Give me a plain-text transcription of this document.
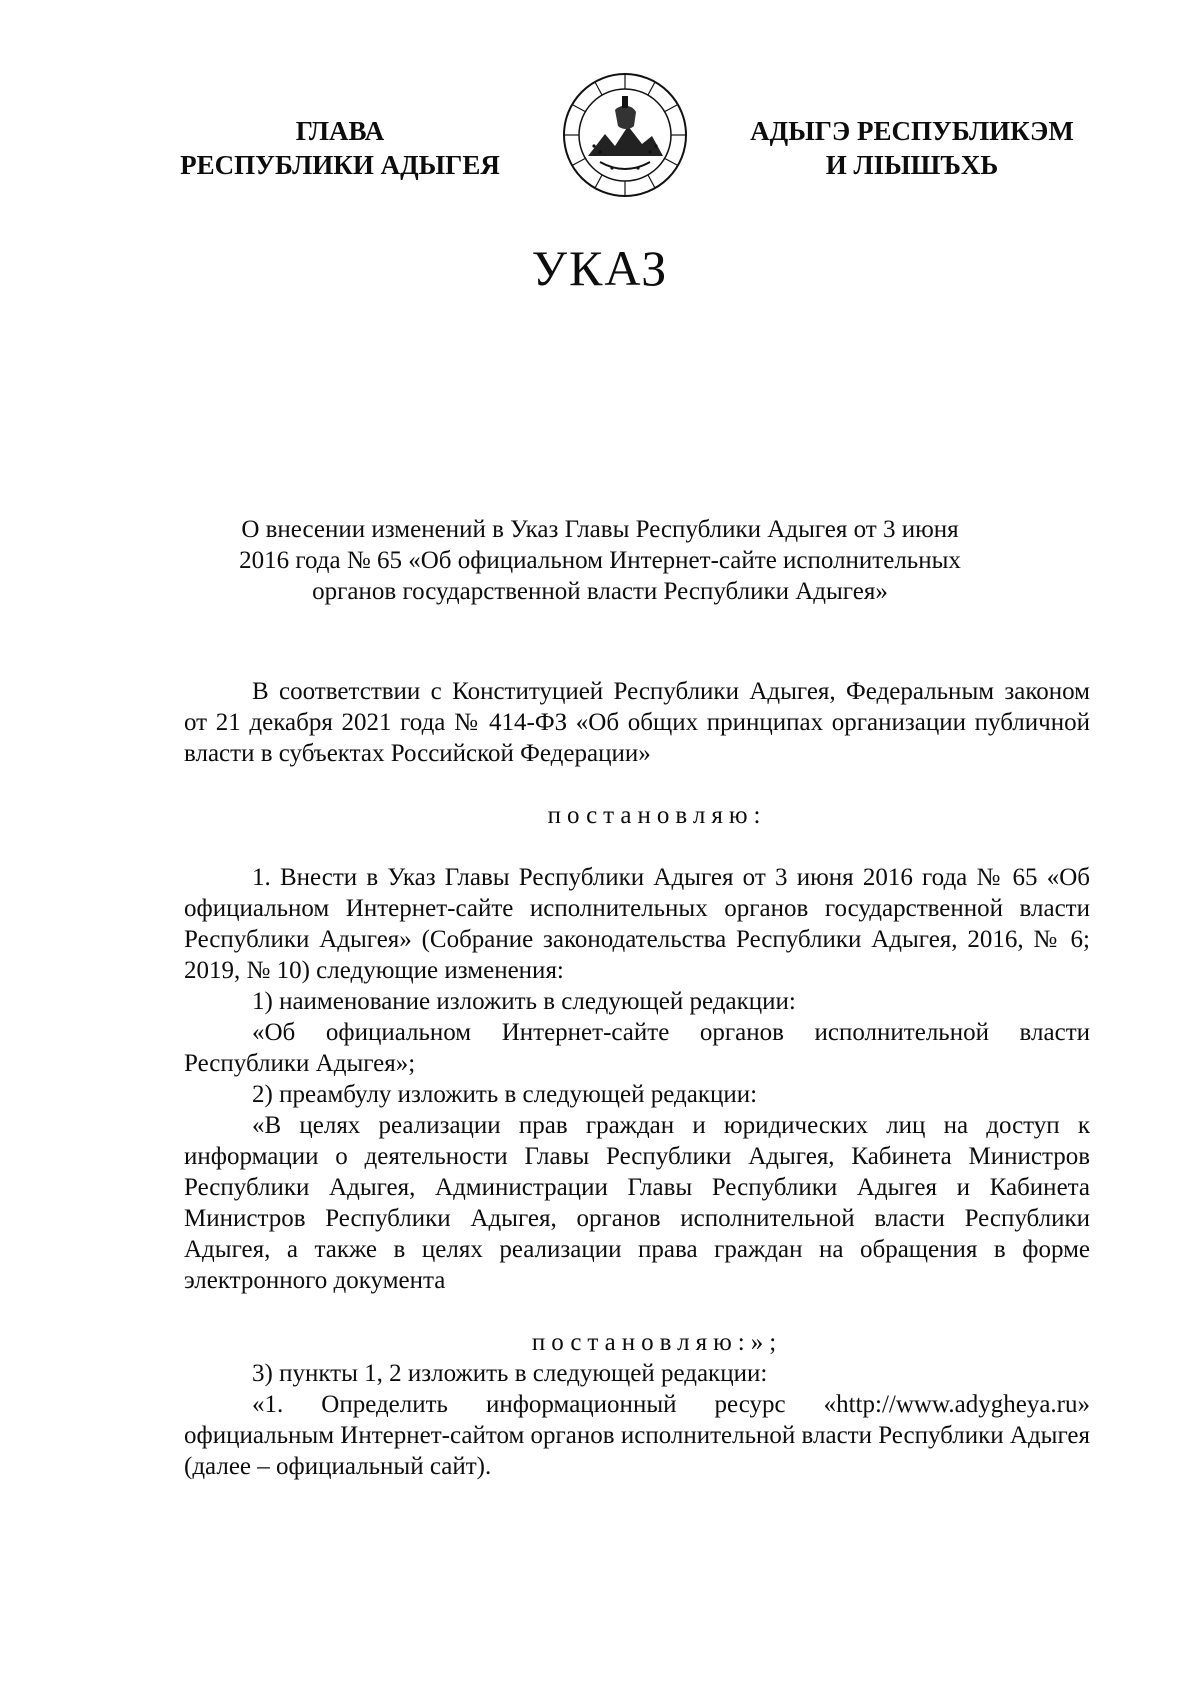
ГЛАВА
РЕСПУБЛИКИ АДЫГЕЯ
АДЫГЭ РЕСПУБЛИКЭМ
И ЛІЫШЪХЬ
УКАЗ
О внесении изменений в Указ Главы Республики Адыгея от 3 июня
2016 года № 65 «Об официальном Интернет-сайте исполнительных
органов государственной власти Республики Адыгея»

В соответствии с Конституцией Республики Адыгея, Федеральным законом от 21 декабря 2021 года № 414-ФЗ «Об общих принципах организации публичной власти в субъектах Российской Федерации»

постановляю:

1. Внести в Указ Главы Республики Адыгея от 3 июня 2016 года № 65 «Об официальном Интернет-сайте исполнительных органов государственной власти Республики Адыгея» (Собрание законодательства Республики Адыгея, 2016, № 6; 2019, № 10) следующие изменения:

1) наименование изложить в следующей редакции:

«Об официальном Интернет-сайте органов исполнительной власти Республики Адыгея»;

2) преамбулу изложить в следующей редакции:

«В целях реализации прав граждан и юридических лиц на доступ к информации о деятельности Главы Республики Адыгея, Кабинета Министров Республики Адыгея, Администрации Главы Республики Адыгея и Кабинета Министров Республики Адыгея, органов исполнительной власти Республики Адыгея, а также в целях реализации права граждан на обращения в форме электронного документа

постановляю:»;

3) пункты 1, 2 изложить в следующей редакции:

«1. Определить информационный ресурс «http://www.adygheya.ru» официальным Интернет-сайтом органов исполнительной власти Республики Адыгея (далее – официальный сайт).
